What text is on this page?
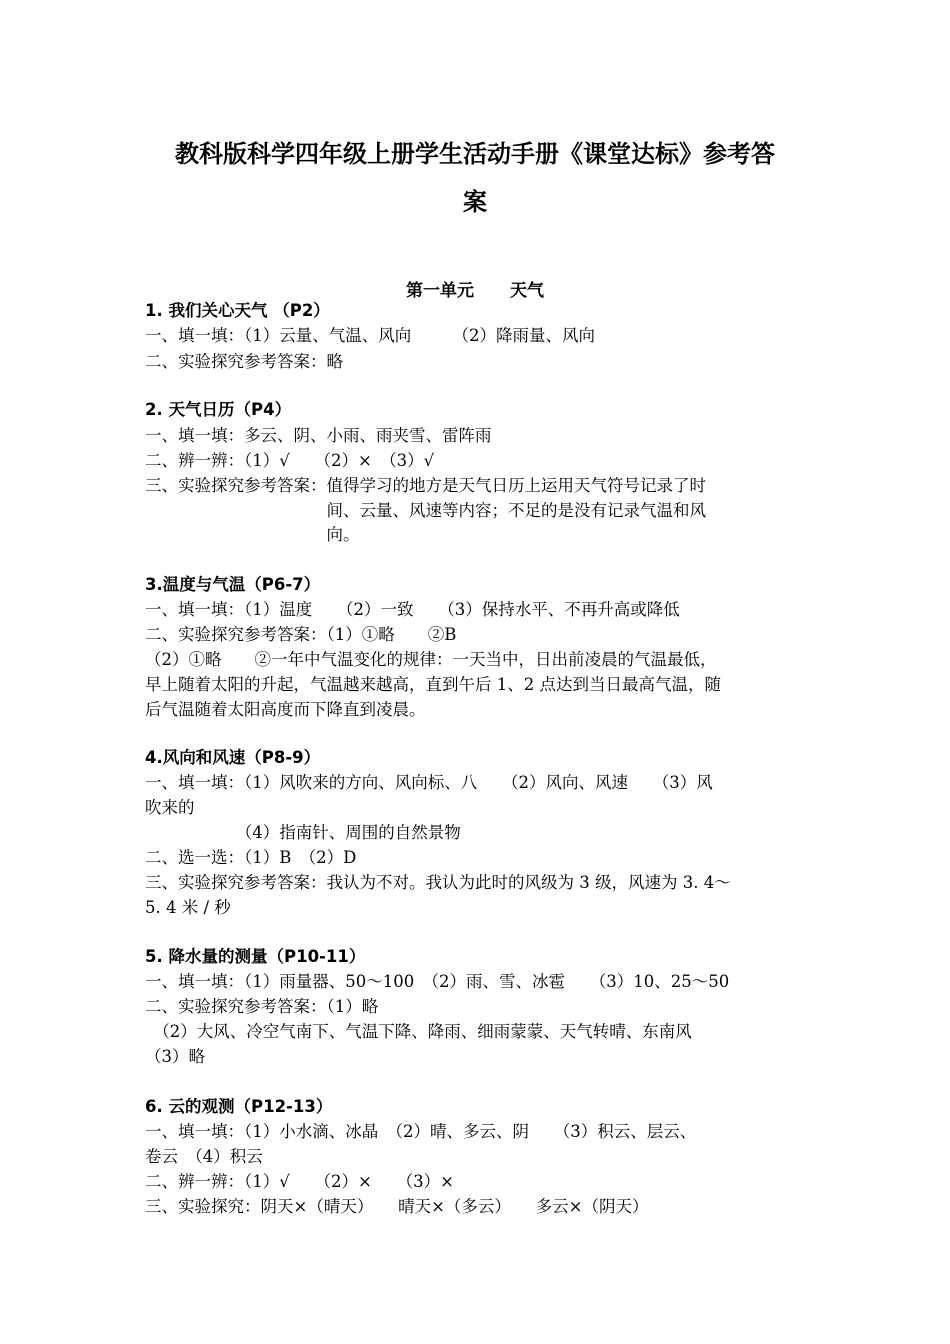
教科版科学四年级上册学生活动手册《课堂达标》参考答
案
第一单元 天气
1. 我们关心天气 （P2）
一、填一填：（1）云量、气温、风向　　　（2）降雨量、风向
二、实验探究参考答案：略
2. 天气日历（P4）
一、填一填：多云、阴、小雨、雨夹雪、雷阵雨
二、辨一辨：（1）√　　（2）×　（3）√
三、实验探究参考答案：值得学习的地方是天气日历上运用天气符号记录了时
　　　　　　　　　　　间、云量、风速等内容；不足的是没有记录气温和风
　　　　　　　　　　　向。
3.温度与气温（P6-7）
一、填一填：（1）温度　　（2）一致　　（3）保持水平、不再升高或降低
二、实验探究参考答案：（1）①略　　②B
（2）①略　　②一年中气温变化的规律：一天当中，日出前凌晨的气温最低，
早上随着太阳的升起，气温越来越高，直到午后 1、2 点达到当日最高气温，随
后气温随着太阳高度而下降直到凌晨。
4.风向和风速（P8-9）
一、填一填：（1）风吹来的方向、风向标、八　　（2）风向、风速　　（3）风
吹来的
　　　　　　（4）指南针、周围的自然景物
二、选一选：（1）B　（2）D
三、实验探究参考答案：我认为不对。我认为此时的风级为 3 级，风速为 3. 4～
5. 4 米 / 秒
5. 降水量的测量（P10-11）
一、填一填：（1）雨量器、50～100　（2）雨、雪、冰雹　　（3）10、25～50
二、实验探究参考答案：（1）略
　（2）大风、冷空气南下、气温下降、降雨、细雨蒙蒙、天气转晴、东南风
（3）略
6. 云的观测（P12-13）
一、填一填：（1）小水滴、冰晶　（2）晴、多云、阴　　（3）积云、层云、
卷云　（4）积云
二、辨一辨：（1）√　　（2）×　　（3）×
三、实验探究：阴天×（晴天）　　晴天×（多云）　　多云×（阴天）
